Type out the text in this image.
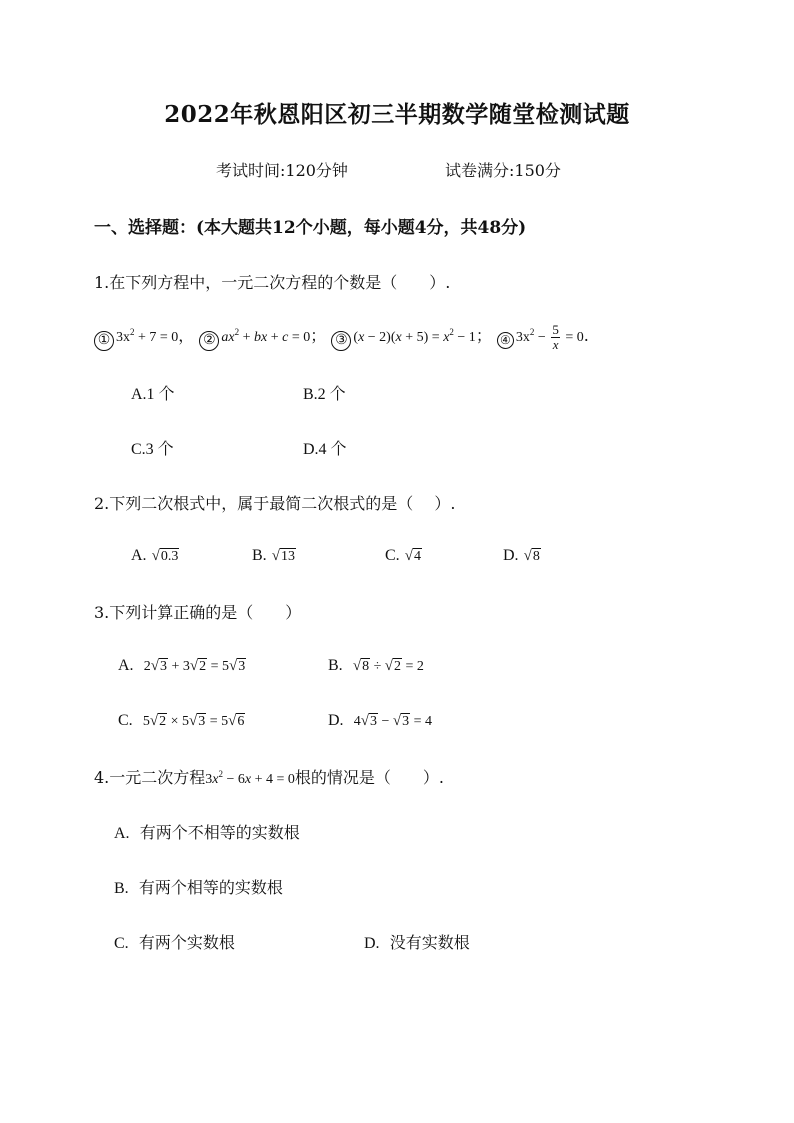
2022年秋恩阳区初三半期数学随堂检测试题
考试时间:120分钟	试卷满分:150分
一、选择题：(本大题共12个小题，每小题4分，共48分)
1.在下列方程中，一元二次方程的个数是（　　）.
① $3x^2 + 7 = 0$， ② $ax^2$ + bx + c = 0； ③ $(x - 2)(x + 5) = x^2 - 1$； ④ $3x^2 - \frac{5}{x} = 0$.
A.1 个	B.2 个
C.3 个	D.4 个
2.下列二次根式中，属于最简二次根式的是（　 ）.
A. √0.3	B. √13	C. √4	D. √8
3.下列计算正确的是（　　）
A. 2√3 + 3√2 = 5√3	B. √8 ÷ √2 = 2
C. 5√2 × 5√3 = 5√6	D. 4√3 − √3 = 4
4.一元二次方程$3x^2 - 6x + 4 = 0$根的情况是（　　）.
A. 有两个不相等的实数根
B. 有两个相等的实数根
C. 有两个实数根	D. 没有实数根
